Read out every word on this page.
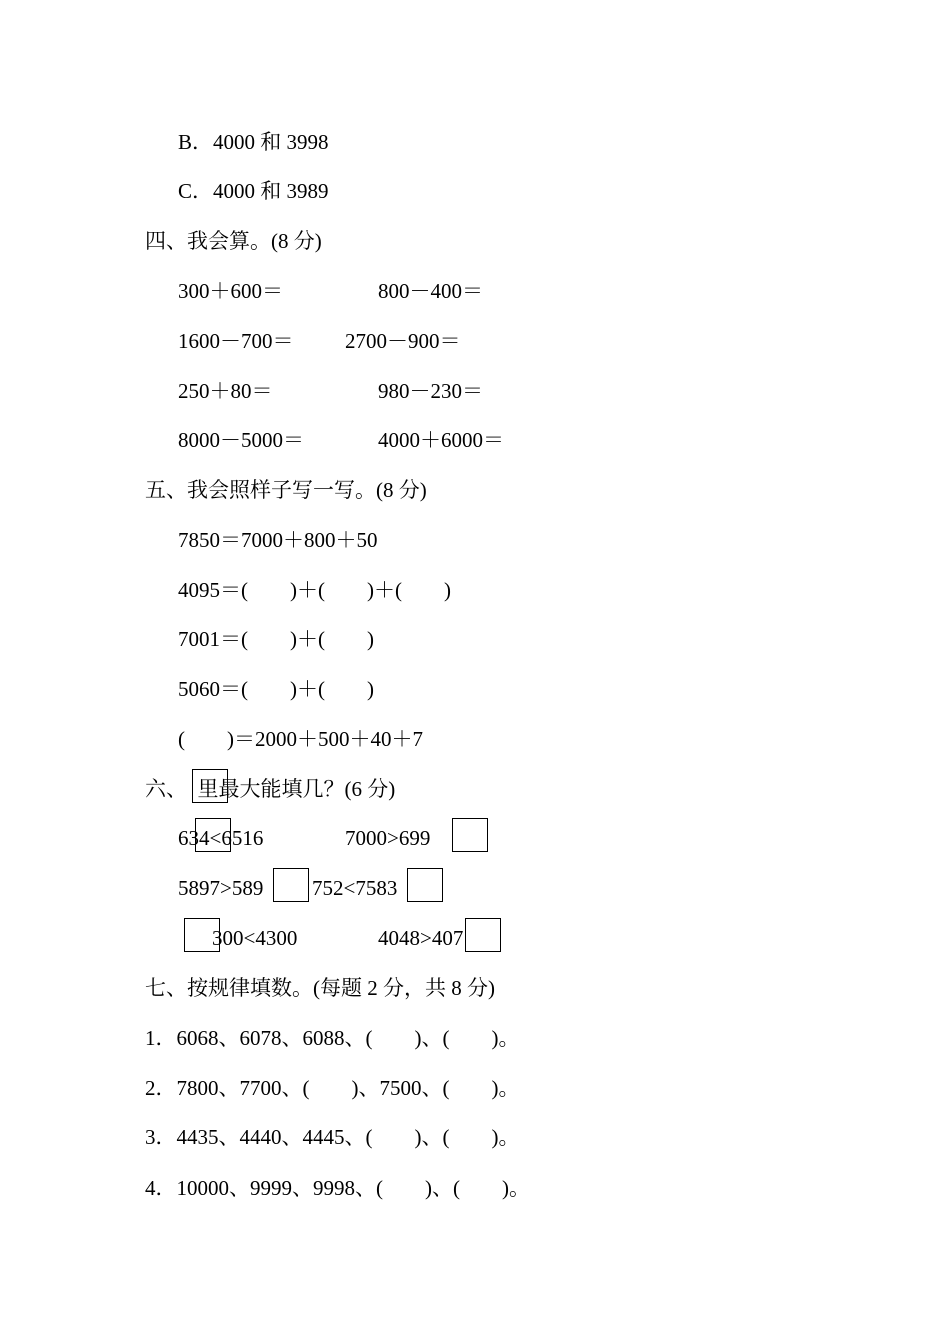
B．4000 和 3998
C．4000 和 3989
四、我会算。(8 分)
300＋600＝	800－400＝
1600－700＝ 2700－900＝
250＋80＝	980－230＝
8000－5000＝	4000＋6000＝
五、我会照样子写一写。(8 分)
7850＝7000＋800＋50
4095＝(　　)＋(　　)＋(　　)
7001＝(　　)＋(　　)
5060＝(　　)＋(　　)
(　　)＝2000＋500＋40＋7
六、　里最大能填几？(6 分)
634<6516	7000>699
5897>589 752<7583
300<4300	4048>407
七、按规律填数。(每题 2 分，共 8 分)
1．6068、6078、6088、(　　)、(　　)。
2．7800、7700、(　　)、7500、(　　)。
3．4435、4440、4445、(　　)、(　　)。
4．10000、9999、9998、(　　)、(　　)。
